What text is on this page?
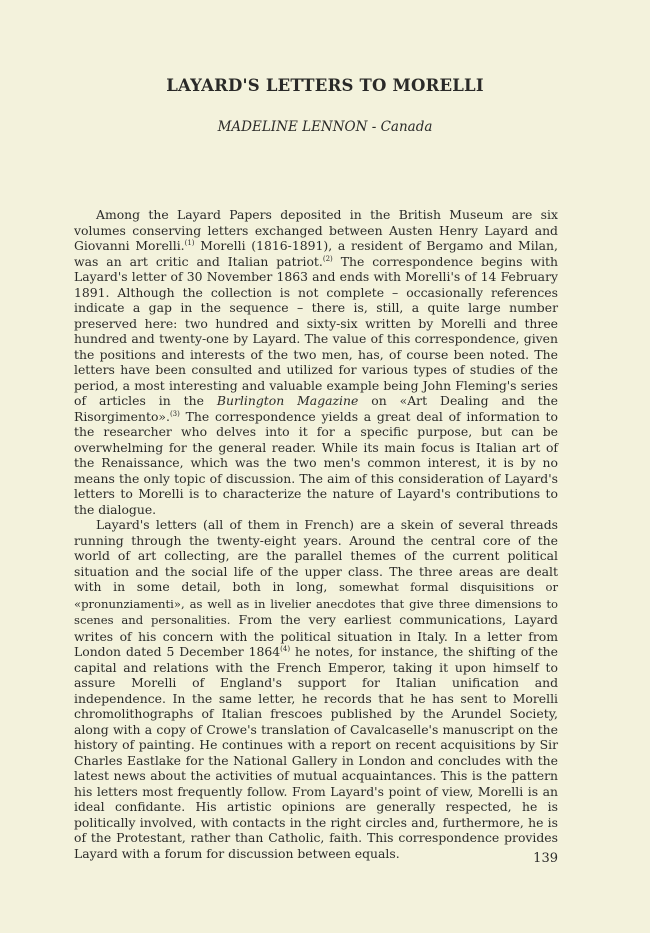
LAYARD'S LETTERS TO MORELLI

MADELINE LENNON - Canada

Among the Layard Papers deposited in the British Museum are six volumes conserving letters exchanged between Austen Henry Layard and Giovanni Morelli.$^{(1)}$ Morelli (1816-1891), a resident of Bergamo and Milan, was an art critic and Italian patriot.$^{(2)}$ The correspondence begins with Layard's letter of 30 November 1863 and ends with Morelli's of 14 February 1891. Although the collection is not complete – occasionally references indicate a gap in the sequence – there is, still, a quite large number preserved here: two hundred and sixty-six written by Morelli and three hundred and twenty-one by Layard. The value of this correspondence, given the positions and interests of the two men, has, of course been noted. The letters have been consulted and utilized for various types of studies of the period, a most interesting and valuable example being John Fleming's series of articles in the Burlington Magazine on «Art Dealing and the Risorgimento».$^{(3)}$ The correspondence yields a great deal of information to the researcher who delves into it for a specific purpose, but can be overwhelming for the general reader. While its main focus is Italian art of the Renaissance, which was the two men's common interest, it is by no means the only topic of discussion. The aim of this consideration of Layard's letters to Morelli is to characterize the nature of Layard's contributions to the dialogue.

Layard's letters (all of them in French) are a skein of several threads running through the twenty-eight years. Around the central core of the world of art collecting, are the parallel themes of the current political situation and the social life of the upper class. The three areas are dealt with in some detail, both in long, somewhat formal disquisitions or «pronunziamenti», as well as in livelier anecdotes that give three dimensions to scenes and personalities. From the very earliest communications, Layard writes of his concern with the political situation in Italy. In a letter from London dated 5 December 1864$^{(4)}$ he notes, for instance, the shifting of the capital and relations with the French Emperor, taking it upon himself to assure Morelli of England's support for Italian unification and independence. In the same letter, he records that he has sent to Morelli chromolithographs of Italian frescoes published by the Arundel Society, along with a copy of Crowe's translation of Cavalcaselle's manuscript on the history of painting. He continues with a report on recent acquisitions by Sir Charles Eastlake for the National Gallery in London and concludes with the latest news about the activities of mutual acquaintances. This is the pattern his letters most frequently follow. From Layard's point of view, Morelli is an ideal confidante. His artistic opinions are generally respected, he is politically involved, with contacts in the right circles and, furthermore, he is of the Protestant, rather than Catholic, faith. This correspondence provides Layard with a forum for discussion between equals.	139
